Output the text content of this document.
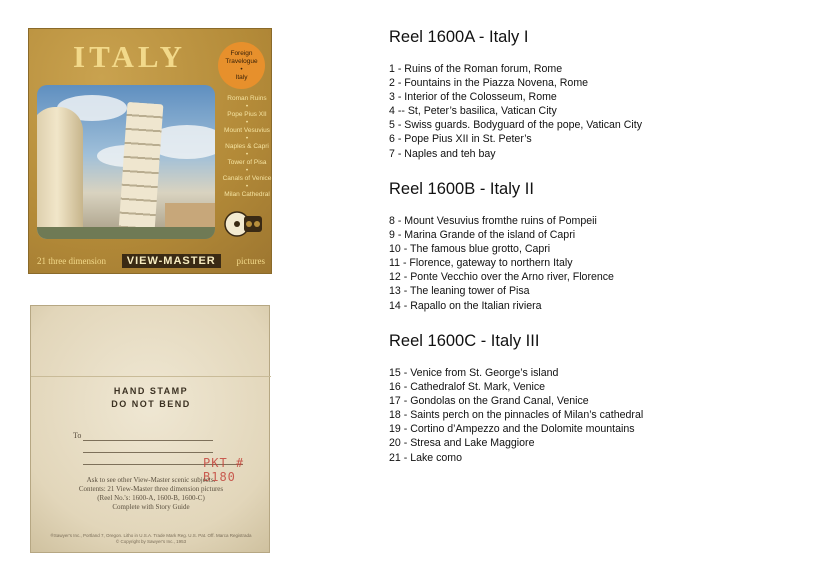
ITALY	Foreign
Travelogue
•
Italy
Roman Ruins
•
Pope Pius XII
•
Mount Vesuvius
•
Naples & Capri
•
Tower of Pisa
•
Canals of Venice
•
Milan Cathedral
21 three dimension	VIEW-MASTER	pictures
HAND STAMP
DO NOT BEND
To
PKT # B180
Ask to see other View-Master scenic subjects.
Contents: 21 View-Master three dimension pictures
(Reel No.'s: 1600-A, 1600-B, 1600-C)
Complete with Story Guide
®Sawyer's Inc., Portland 7, Oregon. Litho in U.S.A. Trade Mark Reg. U.S. Pat. Off. Marca Registrada
© Copyright by Sawyer's Inc., 1953
Reel 1600A - Italy I
1 - Ruins of the Roman forum, Rome
2 - Fountains in the Piazza Novena, Rome
3 - Interior of the Colosseum, Rome
4 -- St, Peter’s basilica, Vatican City
5 - Swiss guards. Bodyguard of the pope, Vatican City
6 - Pope Pius XII in St. Peter’s
7 - Naples and teh bay
Reel 1600B - Italy II
8 - Mount Vesuvius fromthe ruins of Pompeii
9 - Marina Grande of the island of Capri
10 - The famous blue grotto, Capri
11 - Florence, gateway to northern Italy
12 - Ponte Vecchio over the Arno river, Florence
13 - The leaning tower of Pisa
14 - Rapallo on the Italian riviera
Reel 1600C - Italy III
15 - Venice from St. George’s island
16 - Cathedralof St. Mark, Venice
17 - Gondolas on the Grand Canal, Venice
18 - Saints perch on the pinnacles of Milan’s cathedral
19 - Cortino d’Ampezzo and the Dolomite mountains
20 - Stresa and Lake Maggiore
21 - Lake como
